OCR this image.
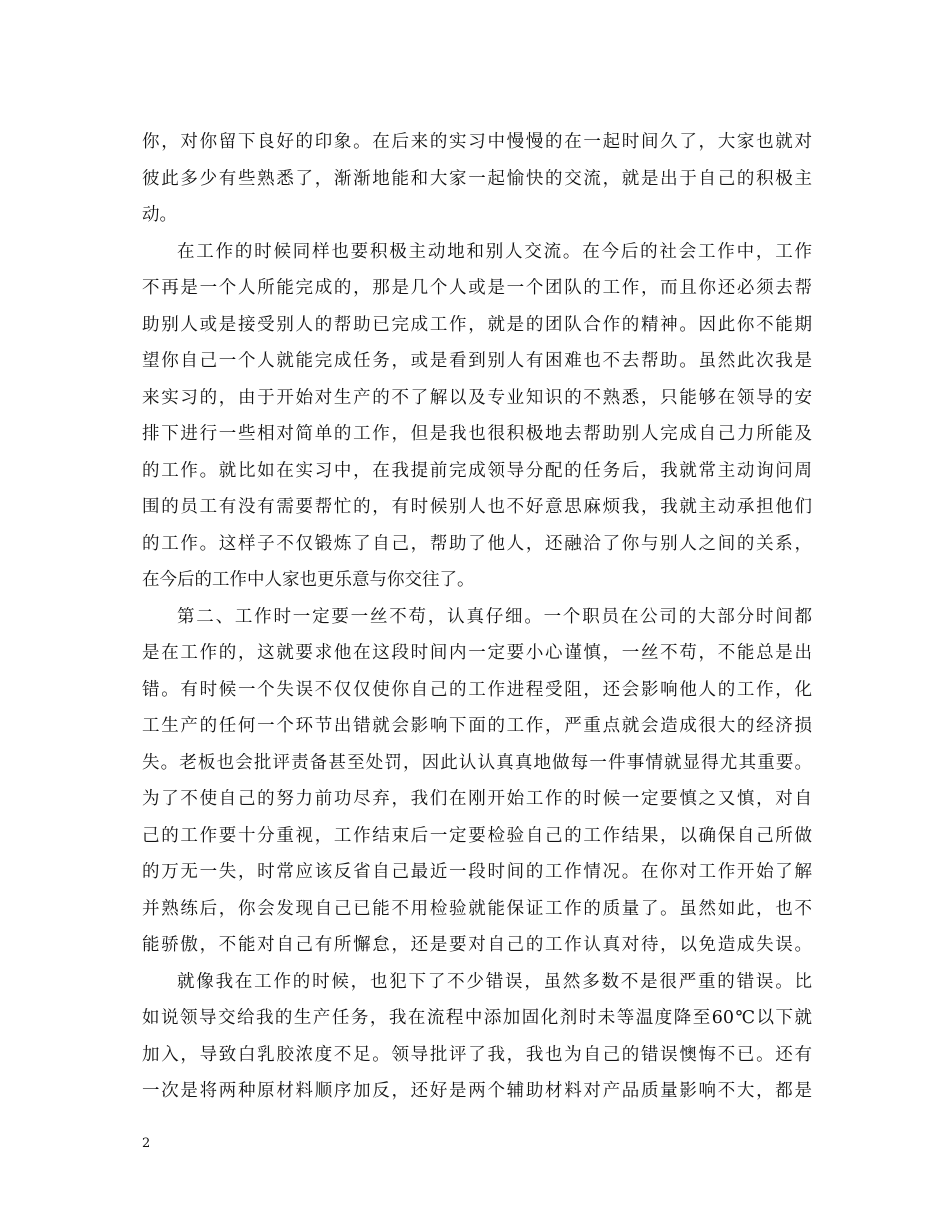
你，对你留下良好的印象。在后来的实习中慢慢的在一起时间久了，大家也就对
彼此多少有些熟悉了，渐渐地能和大家一起愉快的交流，就是出于自己的积极主
动。
在工作的时候同样也要积极主动地和别人交流。在今后的社会工作中，工作
不再是一个人所能完成的，那是几个人或是一个团队的工作，而且你还必须去帮
助别人或是接受别人的帮助已完成工作，就是的团队合作的精神。因此你不能期
望你自己一个人就能完成任务，或是看到别人有困难也不去帮助。虽然此次我是
来实习的，由于开始对生产的不了解以及专业知识的不熟悉，只能够在领导的安
排下进行一些相对简单的工作，但是我也很积极地去帮助别人完成自己力所能及
的工作。就比如在实习中，在我提前完成领导分配的任务后，我就常主动询问周
围的员工有没有需要帮忙的，有时候别人也不好意思麻烦我，我就主动承担他们
的工作。这样子不仅锻炼了自己，帮助了他人，还融洽了你与别人之间的关系，
在今后的工作中人家也更乐意与你交往了。
第二、工作时一定要一丝不苟，认真仔细。一个职员在公司的大部分时间都
是在工作的，这就要求他在这段时间内一定要小心谨慎，一丝不苟，不能总是出
错。有时候一个失误不仅仅使你自己的工作进程受阻，还会影响他人的工作，化
工生产的任何一个环节出错就会影响下面的工作，严重点就会造成很大的经济损
失。老板也会批评责备甚至处罚，因此认认真真地做每一件事情就显得尤其重要。
为了不使自己的努力前功尽弃，我们在刚开始工作的时候一定要慎之又慎，对自
己的工作要十分重视，工作结束后一定要检验自己的工作结果，以确保自己所做
的万无一失，时常应该反省自己最近一段时间的工作情况。在你对工作开始了解
并熟练后，你会发现自己已能不用检验就能保证工作的质量了。虽然如此，也不
能骄傲，不能对自己有所懈怠，还是要对自己的工作认真对待，以免造成失误。
就像我在工作的时候，也犯下了不少错误，虽然多数不是很严重的错误。比
如说领导交给我的生产任务，我在流程中添加固化剂时未等温度降至60℃以下就
加入，导致白乳胶浓度不足。领导批评了我，我也为自己的错误懊悔不已。还有
一次是将两种原材料顺序加反，还好是两个辅助材料对产品质量影响不大，都是
2
